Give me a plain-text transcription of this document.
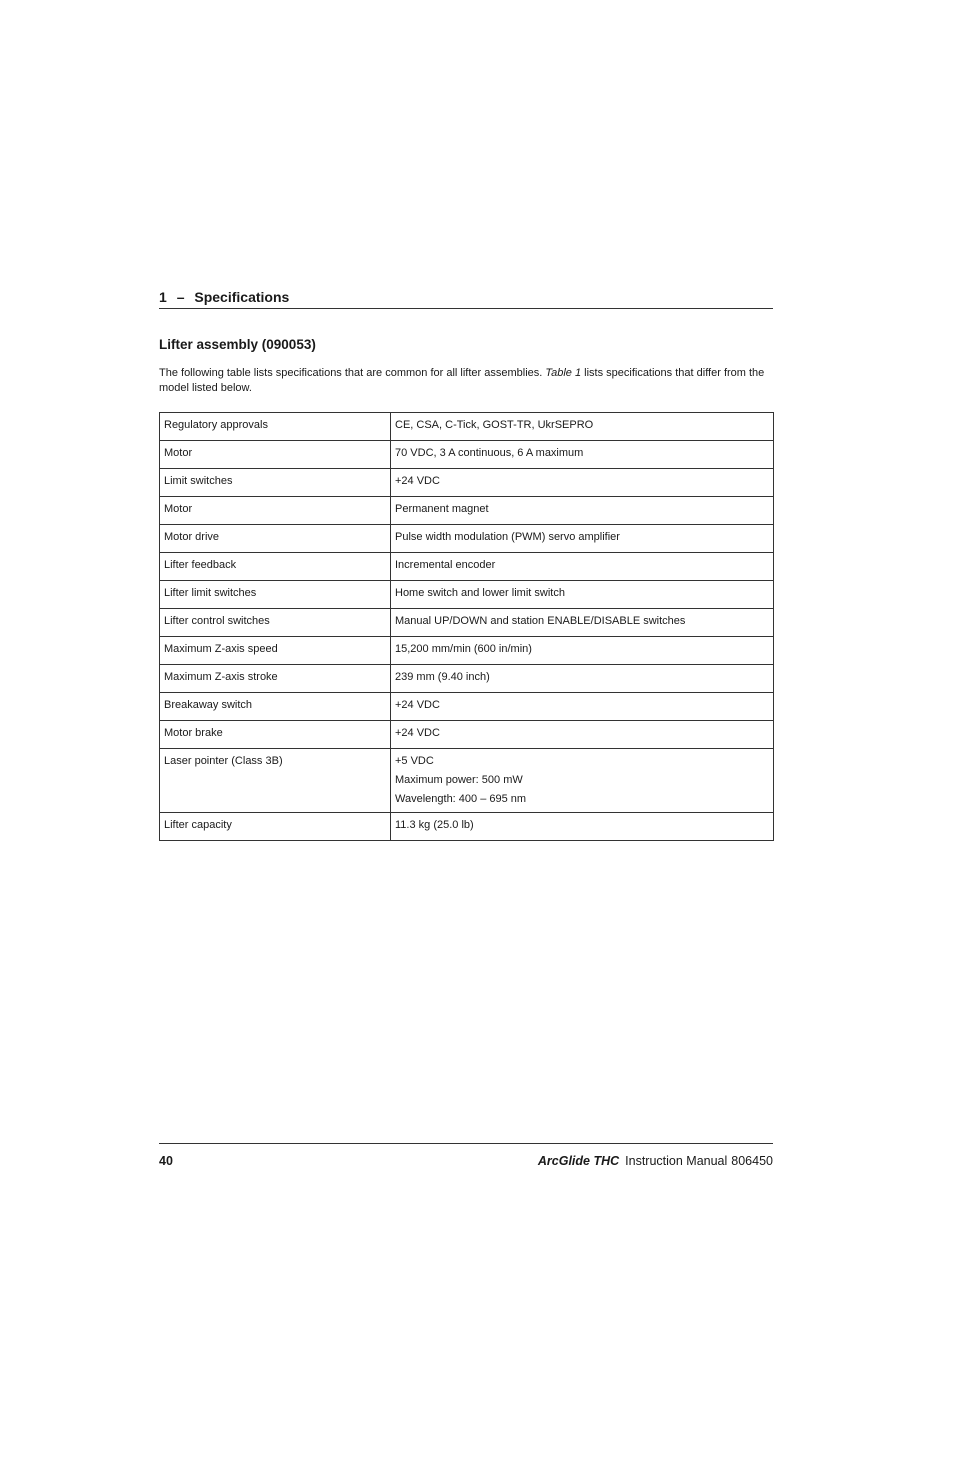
1 – Specifications
Lifter assembly (090053)
The following table lists specifications that are common for all lifter assemblies. Table 1 lists specifications that differ from the model listed below.
Regulatory approvals	CE, CSA, C-Tick, GOST-TR, UkrSEPRO
Motor	70 VDC, 3 A continuous, 6 A maximum
Limit switches	+24 VDC
Motor	Permanent magnet
Motor drive	Pulse width modulation (PWM) servo amplifier
Lifter feedback	Incremental encoder
Lifter limit switches	Home switch and lower limit switch
Lifter control switches	Manual UP/DOWN and station ENABLE/DISABLE switches
Maximum Z-axis speed	15,200 mm/min (600 in/min)
Maximum Z-axis stroke	239 mm (9.40 inch)
Breakaway switch	+24 VDC
Motor brake	+24 VDC
Laser pointer (Class 3B)	+5 VDC
Maximum power: 500 mW
Wavelength: 400 – 695 nm

Lifter capacity	11.3 kg (25.0 lb)
40	ArcGlide THC Instruction Manual 806450
